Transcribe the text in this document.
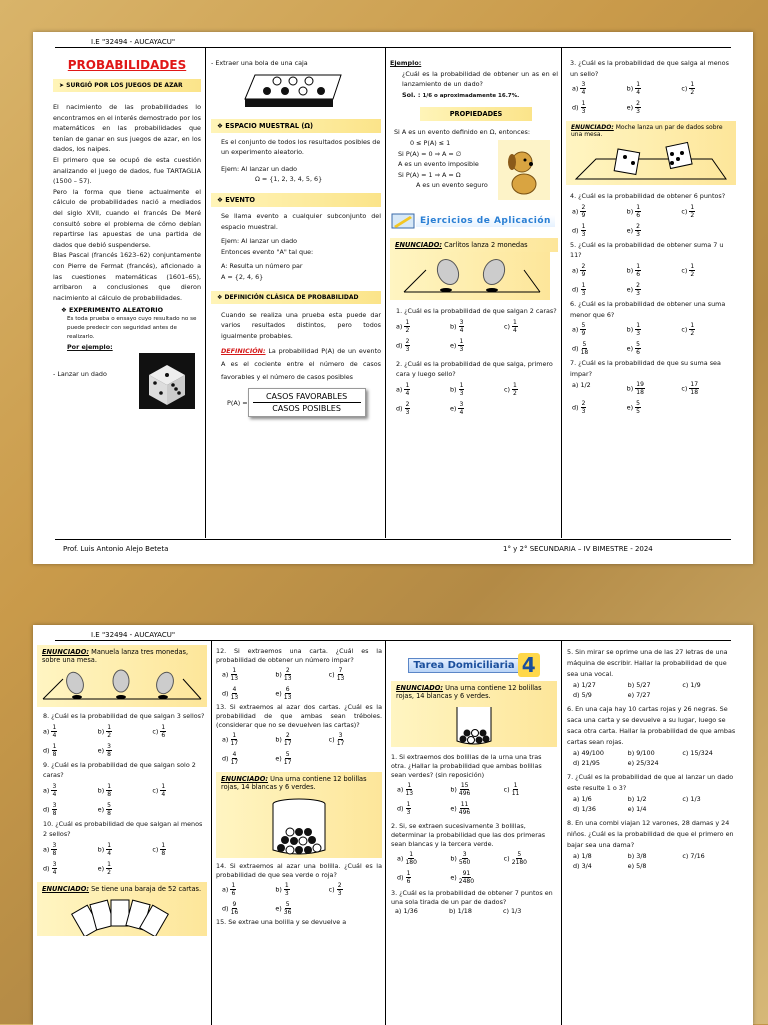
I.E "32494 - AUCAYACU"
Prof. Luis Antonio Alejo Beteta	1° y 2° SECUNDARIA – IV BIMESTRE - 2024
PROBABILIDADES
➤ SURGIÓ POR LOS JUEGOS DE AZAR
El nacimiento de las probabilidades lo encontramos en el interés demostrado por los matemáticos en las probabilidades que tenían de ganar en sus juegos de azar, en los dados, los naipes.
El primero que se ocupó de esta cuestión analizando el juego de dados, fue TARTAGLIA (1500 – 57).
Pero la forma que tiene actualmente el cálculo de probabilidades nació a mediados del siglo XVII, cuando el francés De Meré consultó sobre el problema de cómo debían repartirse las apuestas de una partida de dados que debió suspenderse.
Blas Pascal (francés 1623–62) conjuntamente con Pierre de Fermat (francés), aficionado a las cuestiones matemáticas (1601–65), arribaron a conclusiones que dieron nacimiento al cálculo de probabilidades.
❖ EXPERIMENTO ALEATORIO
Es toda prueba o ensayo cuyo resultado no se puede predecir con seguridad antes de realizarlo.
Por ejemplo:
- Lanzar un dado
- Extraer una bola de una caja
❖ ESPACIO MUESTRAL (Ω)
Es el conjunto de todos los resultados posibles de un experimento aleatorio.
Ejem: Al lanzar un dado
Ω = {1, 2, 3, 4, 5, 6}
❖ EVENTO
Se llama evento a cualquier subconjunto del espacio muestral.
Ejem: Al lanzar un dado
Entonces evento "A" tal que:
A: Resulta un número par
A = {2, 4, 6}
❖ DEFINICIÓN CLÁSICA DE PROBABILIDAD
Cuando se realiza una prueba esta puede dar varios resultados distintos, pero todos igualmente probables.
DEFINICIÓN: La probabilidad P(A) de un evento A es el cociente entre el número de casos favorables y el número de casos posibles
P(A) =
CASOS FAVORABLES
CASOS POSIBLES
Ejemplo:
¿Cuál es la probabilidad de obtener un as en el lanzamiento de un dado?
Sol. : 1/6 o aproximadamente 16.7%.
PROPIEDADES
Si A es un evento definido en Ω, entonces:
0 ≤ P(A) ≤ 1
Si P(A) = 0 ⇒ A = ∅
A es un evento imposible
Si P(A) = 1 ⇒ A = Ω
A es un evento seguro
Ejercicios de Aplicación
ENUNCIADO: Carlitos lanza 2 monedas
1. ¿Cuál es la probabilidad de que salgan 2 caras?
$a) \frac{1}{2}$	$b) \frac{3}{4}$	$c) \frac{1}{4}$
$d) \frac{2}{3}$	$e) \frac{1}{3}$
2. ¿Cuál es la probabilidad de que salga, primero cara y luego sello?
$a) \frac{1}{4}$	$b) \frac{1}{3}$	$c) \frac{1}{2}$
$d) \frac{2}{3}$	$e) \frac{3}{4}$
3. ¿Cuál es la probabilidad de que salga al menos un sello?
$a) \frac{3}{4}$	$b) \frac{1}{4}$	$c) \frac{1}{2}$
$d) \frac{1}{3}$	$e) \frac{2}{3}$
ENUNCIADO: Moche lanza un par de dados sobre una mesa.
4. ¿Cuál es la probabilidad de obtener 6 puntos?
$a) \frac{2}{9}$	$b) \frac{1}{6}$	$c) \frac{1}{2}$
$d) \frac{1}{3}$	$e) \frac{2}{3}$
5. ¿Cuál es la probabilidad de obtener suma 7 u 11?
$a) \frac{2}{9}$	$b) \frac{1}{6}$	$c) \frac{1}{2}$
$d) \frac{1}{3}$	$e) \frac{2}{3}$
6. ¿Cuál es la probabilidad de obtener una suma menor que 6?
$a) \frac{5}{9}$	$b) \frac{1}{3}$	$c) \frac{1}{2}$
$d) \frac{5}{18}$	$e) \frac{5}{6}$
7. ¿Cuál es la probabilidad de que su suma sea impar?
a) 1/2	$b) \frac{19}{18}$	$c) \frac{17}{18}$
$d) \frac{2}{3}$	$e) \frac{5}{5}$
I.E "32494 - AUCAYACU"
ENUNCIADO: Manuela lanza tres monedas, sobre una mesa.
8. ¿Cuál es la probabilidad de que salgan 3 sellos?
$a) \frac{1}{4}$	$b) \frac{1}{2}$	$c) \frac{1}{6}$
$d) \frac{1}{8}$	$e) \frac{3}{8}$
9. ¿Cuál es la probabilidad de que salgan solo 2 caras?
$a) \frac{3}{4}$	$b) \frac{1}{8}$	$c) \frac{1}{4}$
$d) \frac{3}{8}$	$e) \frac{5}{8}$
10. ¿Cuál es probabilidad de que salgan al menos 2 sellos?
$a) \frac{3}{8}$	$b) \frac{1}{4}$	$c) \frac{1}{8}$
$d) \frac{3}{4}$	$e) \frac{1}{2}$
ENUNCIADO: Se tiene una baraja de 52 cartas.
12. Si extraemos una carta. ¿Cuál es la probabilidad de obtener un número impar?
$a) \frac{1}{13}$	$b) \frac{2}{13}$	$c) \frac{7}{13}$
$d) \frac{4}{13}$	$e) \frac{6}{13}$
13. Si extraemos al azar dos cartas. ¿Cuál es la probabilidad de que ambas sean tréboles. (considerar que no se devuelven las cartas)?
$a) \frac{1}{17}$	$b) \frac{2}{17}$	$c) \frac{3}{17}$
$d) \frac{4}{17}$	$e) \frac{5}{17}$
ENUNCIADO: Una urna contiene 12 bolillas rojas, 14 blancas y 6 verdes.
14. Si extraemos al azar una bolilla. ¿Cuál es la probabilidad de que sea verde o roja?
$a) \frac{1}{6}$	$b) \frac{1}{3}$	$c) \frac{2}{3}$
$d) \frac{9}{16}$	$e) \frac{5}{36}$
15. Se extrae una bolilla y se devuelve a
Tarea Domiciliaria 4
ENUNCIADO: Una urna contiene 12 bolillas rojas, 14 blancas y 6 verdes.
1. Si extraemos dos bolillas de la urna una tras otra. ¿Hallar la probabilidad que ambas bolillas sean verdes? (sin reposición)
$a) \frac{1}{13}$	$b) \frac{15}{496}$	$c) \frac{1}{11}$
$d) \frac{1}{3}$	$e) \frac{11}{496}$
2. Si, se extraen sucesivamente 3 bolillas, determinar la probabilidad que las dos primeras sean blancas y la tercera verde.
$a) \frac{1}{180}$	$b) \frac{3}{560}$	$c) \frac{5}{2180}$
$d) \frac{1}{6}$	$e) \frac{91}{2480}$
3. ¿Cuál es la probabilidad de obtener 7 puntos en una sola tirada de un par de dados?
a) 1/36	b) 1/18	c) 1/3
5. Sin mirar se oprime una de las 27 letras de una máquina de escribir. Hallar la probabilidad de que sea una vocal.
a) 1/27	b) 5/27	c) 1/9
d) 5/9	e) 7/27
6. En una caja hay 10 cartas rojas y 26 negras. Se saca una carta y se devuelve a su lugar, luego se saca otra carta. Hallar la probabilidad de que ambas cartas sean rojas.
a) 49/100	b) 9/100	c) 15/324
d) 21/95	e) 25/324
7. ¿Cuál es la probabilidad de que al lanzar un dado este resulte 1 o 3?
a) 1/6	b) 1/2	c) 1/3
d) 1/36	e) 1/4
8. En una combi viajan 12 varones, 28 damas y 24 niños. ¿Cuál es la probabilidad de que el primero en bajar sea una dama?
a) 1/8	b) 3/8	c) 7/16
d) 3/4	e) 5/8
